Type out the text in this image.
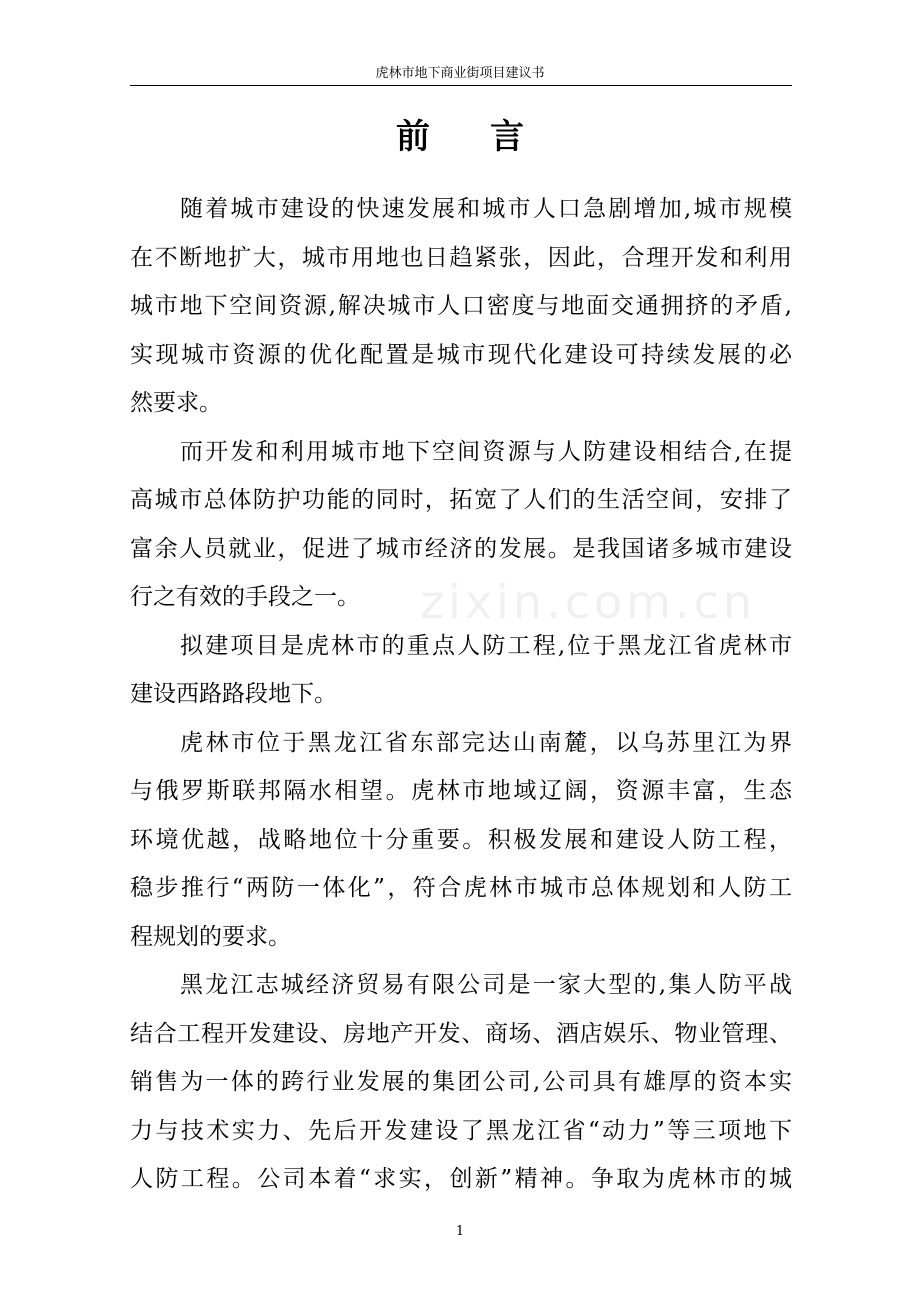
虎林市地下商业街项目建议书
前言
zixin.com.cn
随着城市建设的快速发展和城市人口急剧增加,城市规模
在不断地扩大，城市用地也日趋紧张，因此，合理开发和利用
城市地下空间资源,解决城市人口密度与地面交通拥挤的矛盾,
实现城市资源的优化配置是城市现代化建设可持续发展的必
然要求。
而开发和利用城市地下空间资源与人防建设相结合,在提
高城市总体防护功能的同时，拓宽了人们的生活空间，安排了
富余人员就业，促进了城市经济的发展。是我国诸多城市建设
行之有效的手段之一。
拟建项目是虎林市的重点人防工程,位于黑龙江省虎林市
建设西路路段地下。
虎林市位于黑龙江省东部完达山南麓，以乌苏里江为界
与俄罗斯联邦隔水相望。虎林市地域辽阔，资源丰富，生态
环境优越，战略地位十分重要。积极发展和建设人防工程，
稳步推行“两防一体化”，符合虎林市城市总体规划和人防工
程规划的要求。
黑龙江志城经济贸易有限公司是一家大型的,集人防平战
结合工程开发建设、房地产开发、商场、酒店娱乐、物业管理、
销售为一体的跨行业发展的集团公司,公司具有雄厚的资本实
力与技术实力、先后开发建设了黑龙江省“动力”等三项地下
人防工程。公司本着“求实，创新”精神。争取为虎林市的城
1
